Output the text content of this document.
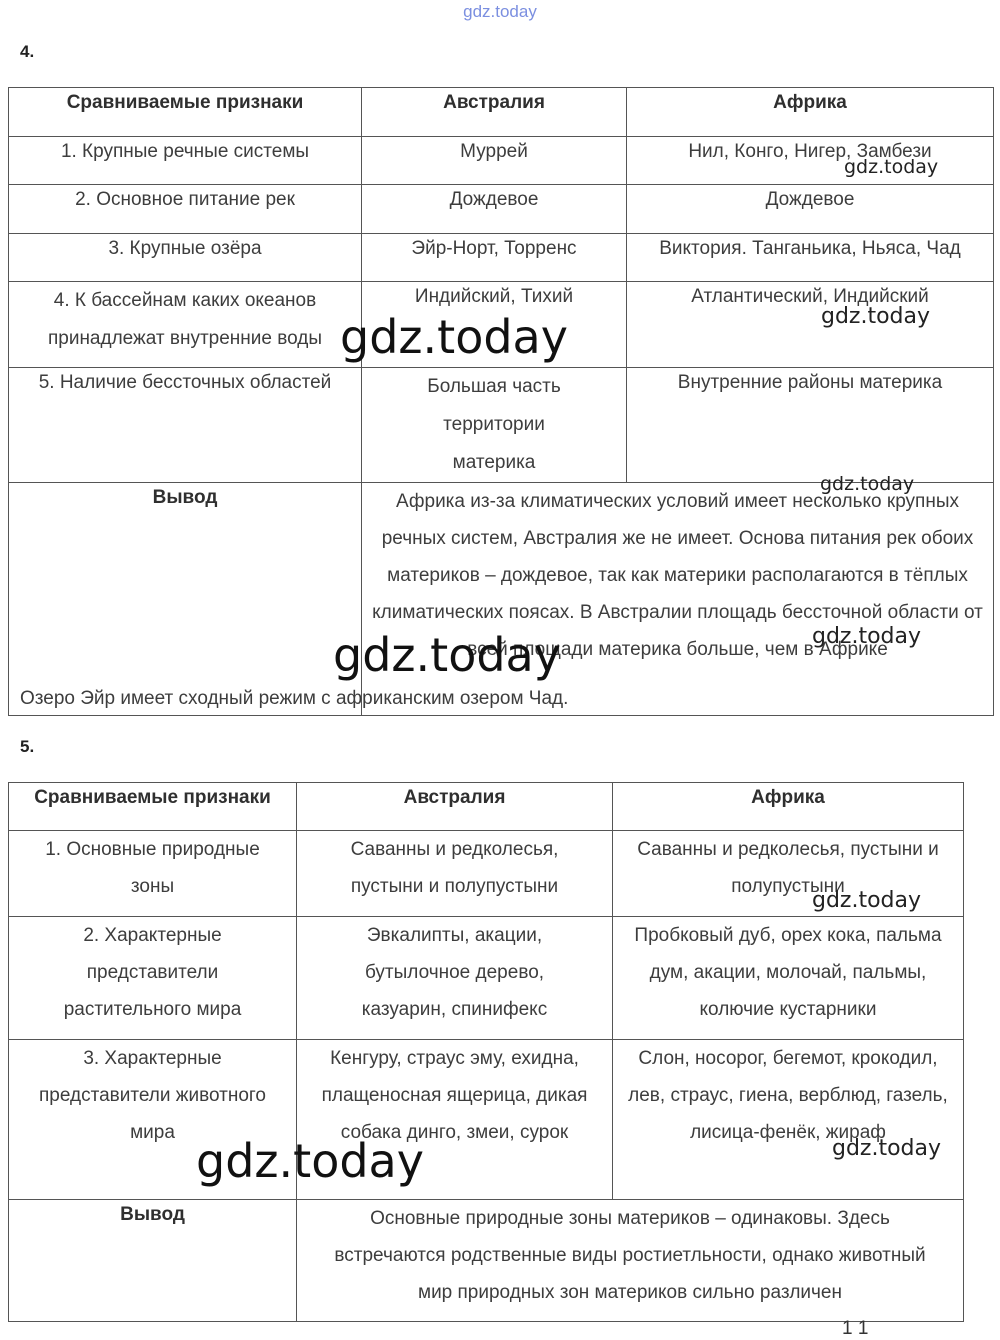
gdz.today
4.
Сравниваемые признаки	Австралия	Африка
1. Крупные речные системы	Муррей	Нил, Конго, Нигер, Замбези
2. Основное питание рек	Дождевое	Дождевое
3. Крупные озёра	Эйр-Норт, Торренс	Виктория. Танганьика, Ньяса, Чад
4. К бассейнам каких океанов принадлежат внутренние воды	Индийский, Тихий	Атлантический, Индийский
5. Наличие бессточных областей	Большая часть территории материка	Внутренние районы материка
Вывод	Африка из-за климатических условий имеет несколько крупных речных систем, Австралия же не имеет. Основа питания рек обоих материков – дождевое, так как материки располагаются в тёплых климатических поясах. В Австралии площадь бессточной области от всей площади материка больше, чем в Африке	
Озеро Эйр имеет сходный режим с африканским озером Чад.
5.
Сравниваемые признаки	Австралия	Африка
1. Основные природные зоны	Саванны и редколесья, пустыни и полупустыни	Саванны и редколесья, пустыни и полупустыни
2. Характерные представители растительного мира	Эвкалипты, акации, бутылочное дерево, казуарин, спинифекс	Пробковый дуб, орех кока, пальма дум, акации, молочай, пальмы, колючие кустарники
3. Характерные представители животного мира	Кенгуру, страус эму, ехидна, плащеносная ящерица, дикая собака динго, змеи, сурок	Слон, носорог, бегемот, крокодил, лев, страус, гиена, верблюд, газель, лисица-фенёк, жираф
Вывод	Основные природные зоны материков – одинаковы. Здесь встречаются родственные виды ростиетльности, однако животный мир природных зон материков сильно различен	
gdz.today
gdz.today
gdz.today
gdz.today
gdz.today
gdz.today
gdz.today
gdz.today
gdz.today
1 1
